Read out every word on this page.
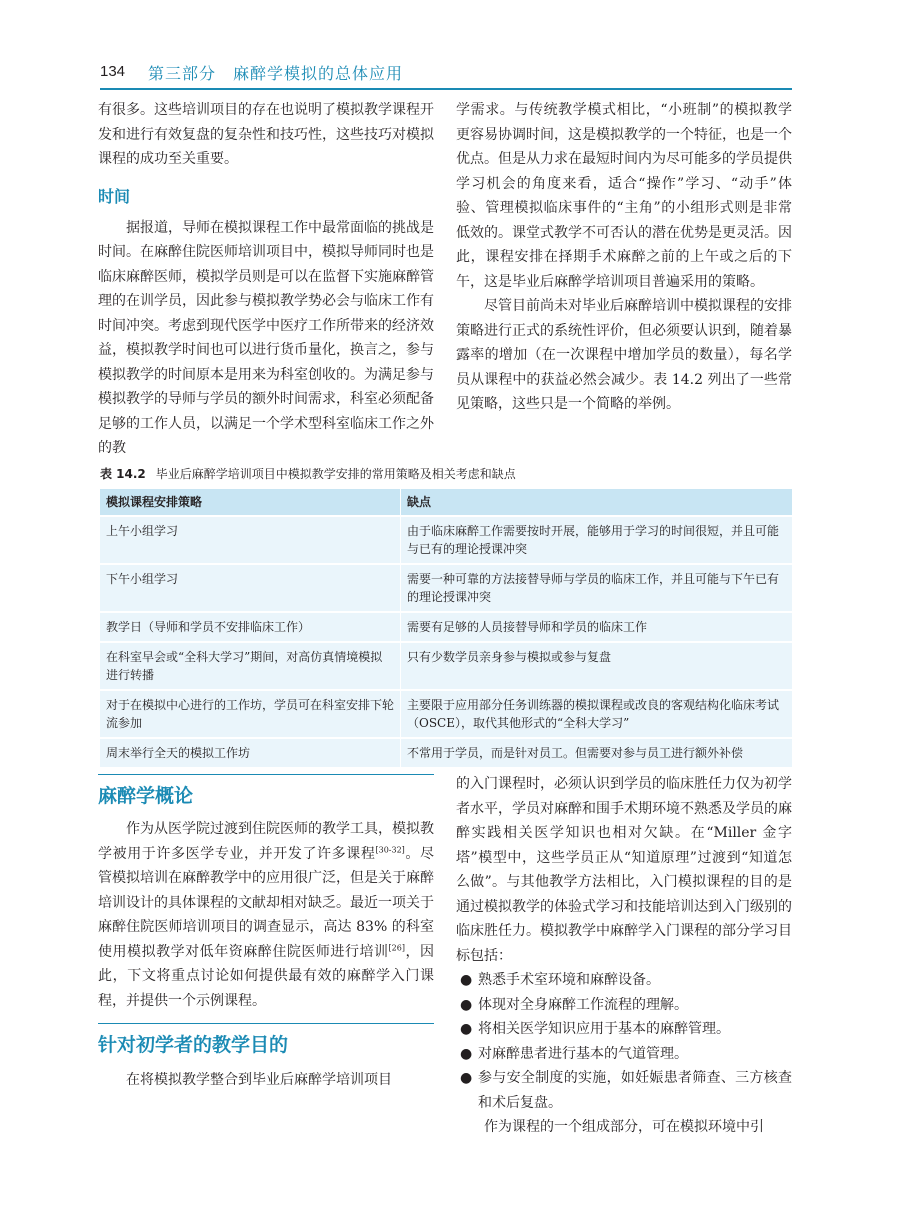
134 第三部分　麻醉学模拟的总体应用

有很多。这些培训项目的存在也说明了模拟教学课程开发和进行有效复盘的复杂性和技巧性，这些技巧对模拟课程的成功至关重要。

时间

据报道，导师在模拟课程工作中最常面临的挑战是时间。在麻醉住院医师培训项目中，模拟导师同时也是临床麻醉医师，模拟学员则是可以在监督下实施麻醉管理的在训学员，因此参与模拟教学势必会与临床工作有时间冲突。考虑到现代医学中医疗工作所带来的经济效益，模拟教学时间也可以进行货币量化，换言之，参与模拟教学的时间原本是用来为科室创收的。为满足参与模拟教学的导师与学员的额外时间需求，科室必须配备足够的工作人员，以满足一个学术型科室临床工作之外的教

学需求。与传统教学模式相比，“小班制”的模拟教学更容易协调时间，这是模拟教学的一个特征，也是一个优点。但是从力求在最短时间内为尽可能多的学员提供学习机会的角度来看，适合“操作”学习、“动手”体验、管理模拟临床事件的“主角”的小组形式则是非常低效的。课堂式教学不可否认的潜在优势是更灵活。因此，课程安排在择期手术麻醉之前的上午或之后的下午，这是毕业后麻醉学培训项目普遍采用的策略。

尽管目前尚未对毕业后麻醉培训中模拟课程的安排策略进行正式的系统性评价，但必须要认识到，随着暴露率的增加（在一次课程中增加学员的数量），每名学员从课程中的获益必然会减少。表 14.2 列出了一些常见策略，这些只是一个简略的举例。

表 14.2 毕业后麻醉学培训项目中模拟教学安排的常用策略及相关考虑和缺点
模拟课程安排策略	缺点
上午小组学习	由于临床麻醉工作需要按时开展，能够用于学习的时间很短，并且可能与已有的理论授课冲突
下午小组学习	需要一种可靠的方法接替导师与学员的临床工作，并且可能与下午已有的理论授课冲突
教学日（导师和学员不安排临床工作）	需要有足够的人员接替导师和学员的临床工作
在科室早会或“全科大学习”期间，对高仿真情境模拟进行转播	只有少数学员亲身参与模拟或参与复盘
对于在模拟中心进行的工作坊，学员可在科室安排下轮流参加	主要限于应用部分任务训练器的模拟课程或改良的客观结构化临床考试（OSCE），取代其他形式的“全科大学习”
周末举行全天的模拟工作坊	不常用于学员，而是针对员工。但需要对参与员工进行额外补偿
麻醉学概论

作为从医学院过渡到住院医师的教学工具，模拟教学被用于许多医学专业，并开发了许多课程[30-32]。尽管模拟培训在麻醉教学中的应用很广泛，但是关于麻醉培训设计的具体课程的文献却相对缺乏。最近一项关于麻醉住院医师培训项目的调查显示，高达 83% 的科室使用模拟教学对低年资麻醉住院医师进行培训[26]，因此，下文将重点讨论如何提供最有效的麻醉学入门课程，并提供一个示例课程。

针对初学者的教学目的

在将模拟教学整合到毕业后麻醉学培训项目

的入门课程时，必须认识到学员的临床胜任力仅为初学者水平，学员对麻醉和围手术期环境不熟悉及学员的麻醉实践相关医学知识也相对欠缺。在“Miller 金字塔”模型中，这些学员正从“知道原理”过渡到“知道怎么做”。与其他教学方法相比，入门模拟课程的目的是通过模拟教学的体验式学习和技能培训达到入门级别的临床胜任力。模拟教学中麻醉学入门课程的部分学习目标包括：

● 熟悉手术室环境和麻醉设备。
● 体现对全身麻醉工作流程的理解。
● 将相关医学知识应用于基本的麻醉管理。
● 对麻醉患者进行基本的气道管理。
● 参与安全制度的实施，如妊娠患者筛查、三方核查和术后复盘。

作为课程的一个组成部分，可在模拟环境中引
